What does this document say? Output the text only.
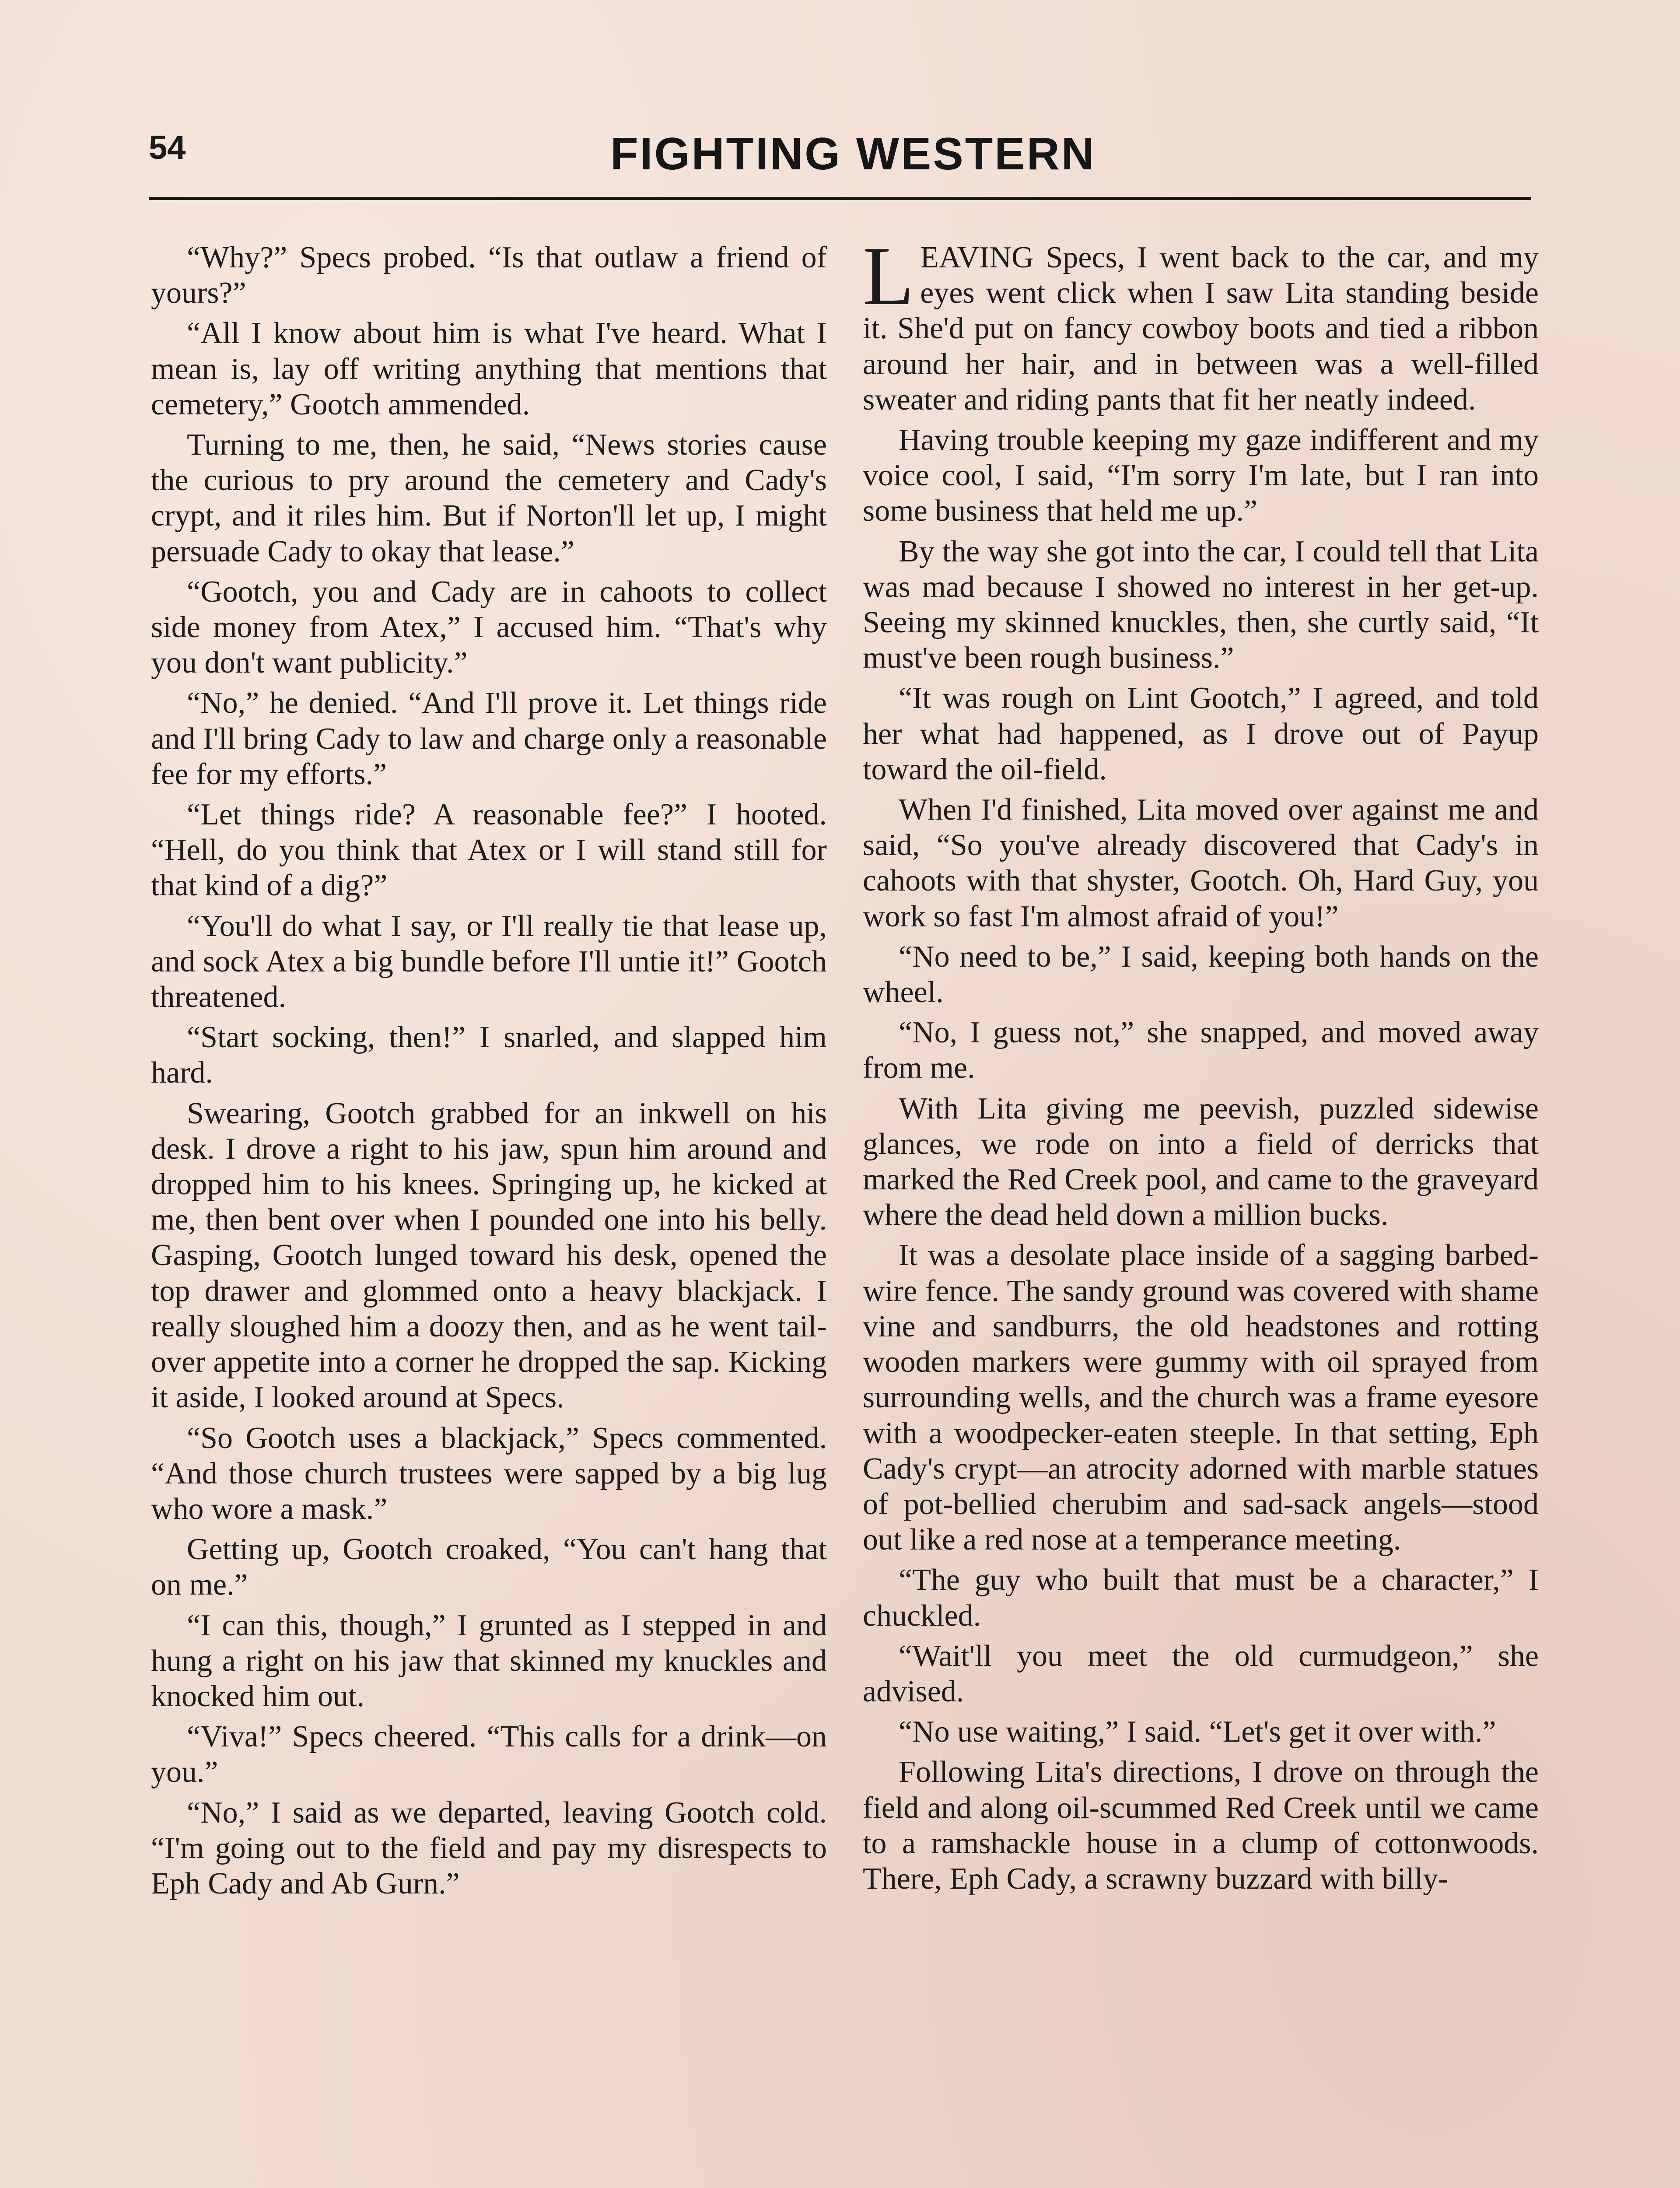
54	FIGHTING WESTERN

“Why?” Specs probed. “Is that outlaw a friend of yours?”

“All I know about him is what I've heard. What I mean is, lay off writing anything that mentions that cemetery,” Gootch ammended.

Turning to me, then, he said, “News stories cause the curious to pry around the cemetery and Cady's crypt, and it riles him. But if Norton'll let up, I might persuade Cady to okay that lease.”

“Gootch, you and Cady are in cahoots to collect side money from Atex,” I accused him. “That's why you don't want publicity.”

“No,” he denied. “And I'll prove it. Let things ride and I'll bring Cady to law and charge only a reasonable fee for my efforts.”

“Let things ride? A reasonable fee?” I hooted. “Hell, do you think that Atex or I will stand still for that kind of a dig?”

“You'll do what I say, or I'll really tie that lease up, and sock Atex a big bundle before I'll untie it!” Gootch threatened.

“Start socking, then!” I snarled, and slapped him hard.

Swearing, Gootch grabbed for an inkwell on his desk. I drove a right to his jaw, spun him around and dropped him to his knees. Springing up, he kicked at me, then bent over when I pounded one into his belly. Gasping, Gootch lunged toward his desk, opened the top drawer and glommed onto a heavy blackjack. I really sloughed him a doozy then, and as he went tail-over appetite into a corner he dropped the sap. Kicking it aside, I looked around at Specs.

“So Gootch uses a blackjack,” Specs commented. “And those church trustees were sapped by a big lug who wore a mask.”

Getting up, Gootch croaked, “You can't hang that on me.”

“I can this, though,” I grunted as I stepped in and hung a right on his jaw that skinned my knuckles and knocked him out.

“Viva!” Specs cheered. “This calls for a drink—on you.”

“No,” I said as we departed, leaving Gootch cold. “I'm going out to the field and pay my disrespects to Eph Cady and Ab Gurn.”

LEAVING Specs, I went back to the car, and my eyes went click when I saw Lita standing beside it. She'd put on fancy cowboy boots and tied a ribbon around her hair, and in between was a well-filled sweater and riding pants that fit her neatly indeed.

Having trouble keeping my gaze indifferent and my voice cool, I said, “I'm sorry I'm late, but I ran into some business that held me up.”

By the way she got into the car, I could tell that Lita was mad because I showed no interest in her get-up. Seeing my skinned knuckles, then, she curtly said, “It must've been rough business.”

“It was rough on Lint Gootch,” I agreed, and told her what had happened, as I drove out of Payup toward the oil-field.

When I'd finished, Lita moved over against me and said, “So you've already discovered that Cady's in cahoots with that shyster, Gootch. Oh, Hard Guy, you work so fast I'm almost afraid of you!”

“No need to be,” I said, keeping both hands on the wheel.

“No, I guess not,” she snapped, and moved away from me.

With Lita giving me peevish, puzzled sidewise glances, we rode on into a field of derricks that marked the Red Creek pool, and came to the graveyard where the dead held down a million bucks.

It was a desolate place inside of a sagging barbed-wire fence. The sandy ground was covered with shame vine and sandburrs, the old headstones and rotting wooden markers were gummy with oil sprayed from surrounding wells, and the church was a frame eyesore with a woodpecker-eaten steeple. In that setting, Eph Cady's crypt—an atrocity adorned with marble statues of pot-bellied cherubim and sad-sack angels—stood out like a red nose at a temperance meeting.

“The guy who built that must be a character,” I chuckled.

“Wait'll you meet the old curmudgeon,” she advised.

“No use waiting,” I said. “Let's get it over with.”

Following Lita's directions, I drove on through the field and along oil-scummed Red Creek until we came to a ramshackle house in a clump of cottonwoods. There, Eph Cady, a scrawny buzzard with billy-
